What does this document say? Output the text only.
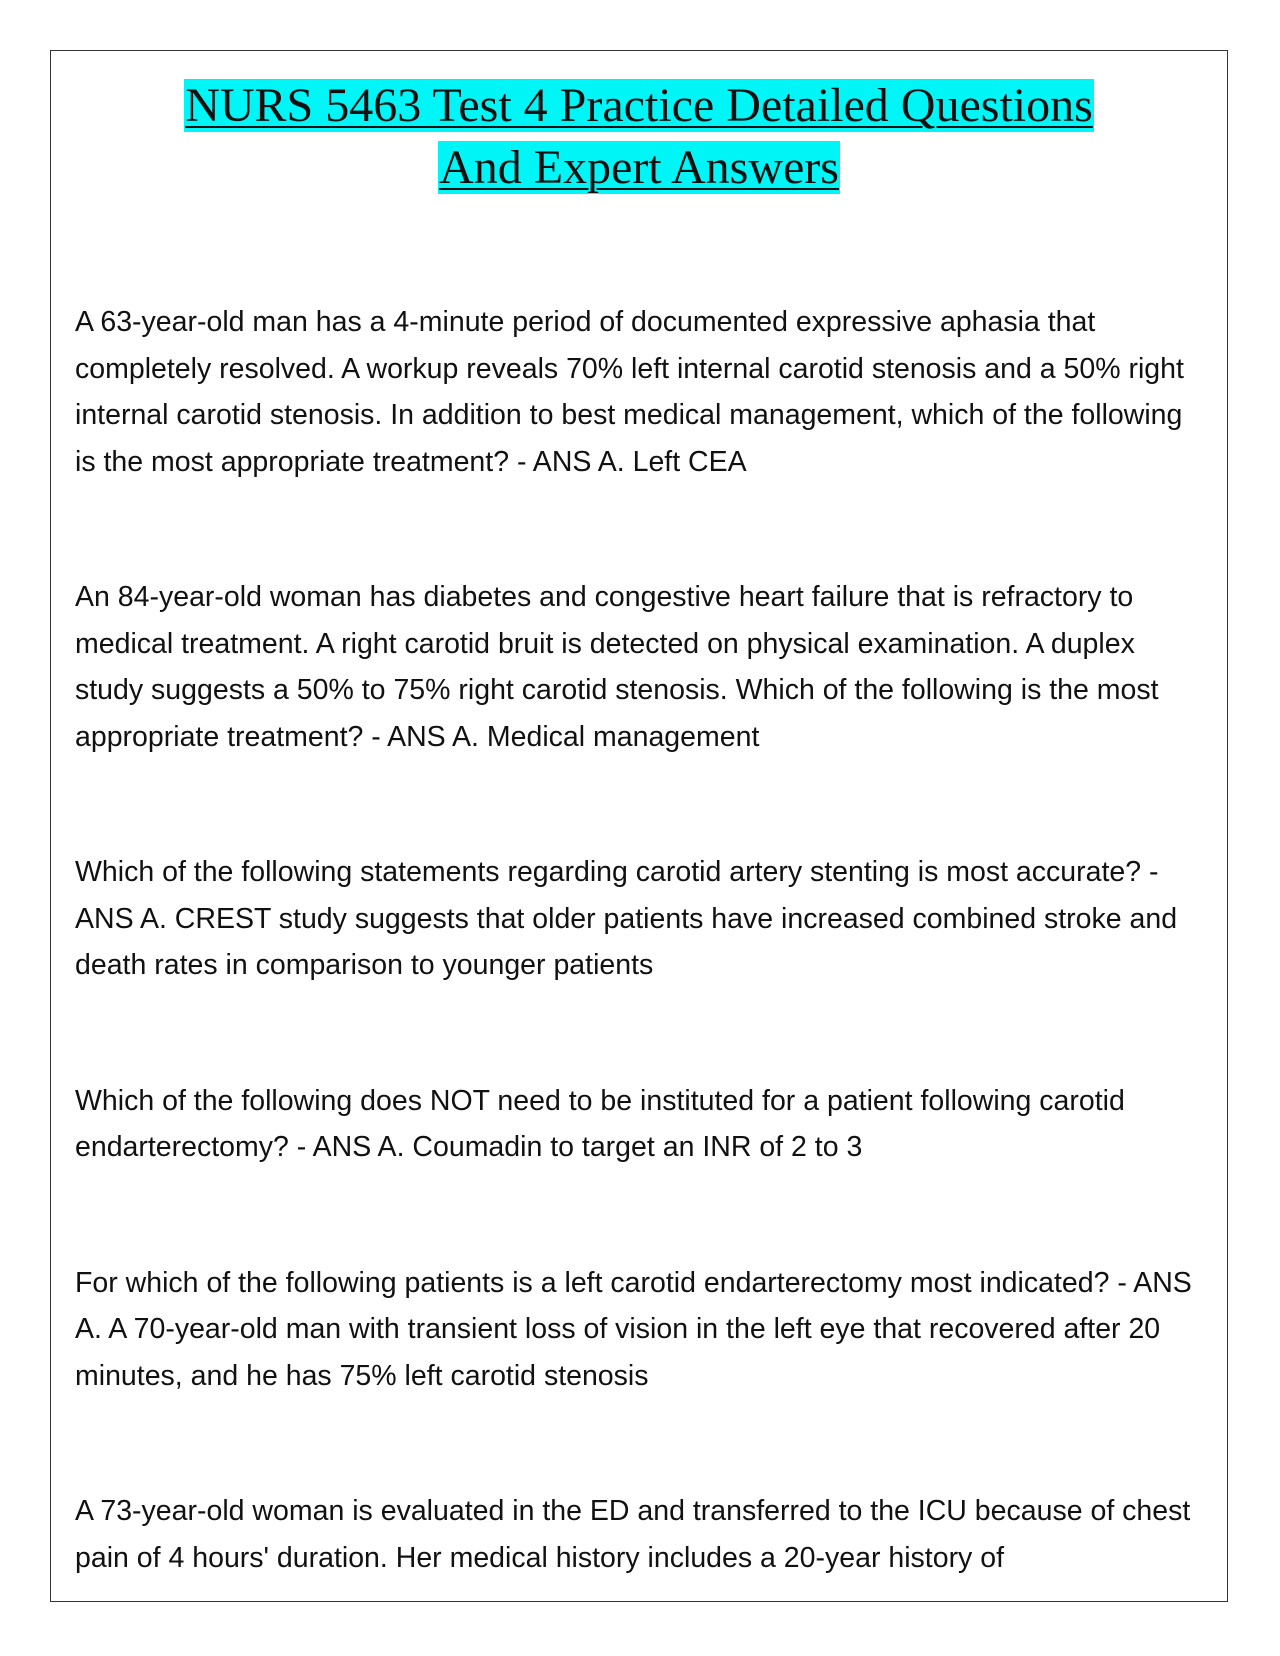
NURS 5463 Test 4 Practice Detailed Questions
And Expert Answers

A 63-year-old man has a 4-minute period of documented expressive aphasia that completely resolved. A workup reveals 70% left internal carotid stenosis and a 50% right internal carotid stenosis. In addition to best medical management, which of the following is the most appropriate treatment? - ANS A. Left CEA

An 84-year-old woman has diabetes and congestive heart failure that is refractory to medical treatment. A right carotid bruit is detected on physical examination. A duplex study suggests a 50% to 75% right carotid stenosis. Which of the following is the most appropriate treatment? - ANS A. Medical management

Which of the following statements regarding carotid artery stenting is most accurate? - ANS A. CREST study suggests that older patients have increased combined stroke and death rates in comparison to younger patients

Which of the following does NOT need to be instituted for a patient following carotid endarterectomy? - ANS A. Coumadin to target an INR of 2 to 3

For which of the following patients is a left carotid endarterectomy most indicated? - ANS A. A 70-year-old man with transient loss of vision in the left eye that recovered after 20 minutes, and he has 75% left carotid stenosis

A 73-year-old woman is evaluated in the ED and transferred to the ICU because of chest pain of 4 hours' duration. Her medical history includes a 20-year history of
